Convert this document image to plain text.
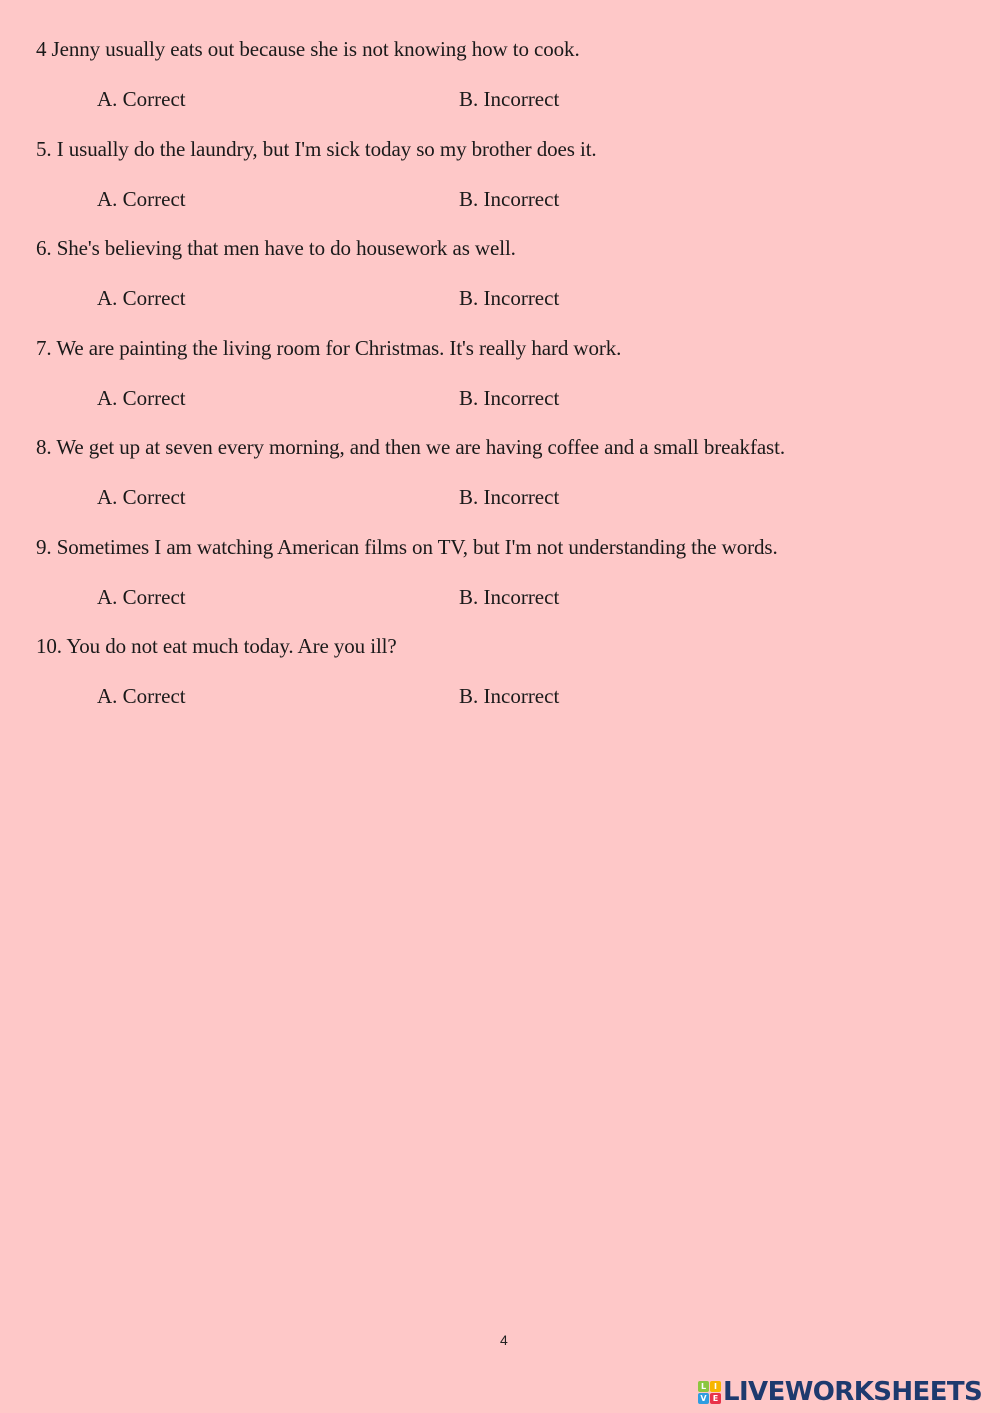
4 Jenny usually eats out because she is not knowing how to cook.
A. Correct	B. Incorrect
5. I usually do the laundry, but I'm sick today so my brother does it.
A. Correct	B. Incorrect
6. She's believing that men have to do housework as well.
A. Correct	B. Incorrect
7. We are painting the living room for Christmas. It's really hard work.
A. Correct	B. Incorrect
8. We get up at seven every morning, and then we are having coffee and a small breakfast.
A. Correct	B. Incorrect
9. Sometimes I am watching American films on TV, but I'm not understanding the words.
A. Correct	B. Incorrect
10. You do not eat much today. Are you ill?
A. Correct	B. Incorrect
4
L I
V E LIVEWORKSHEETS
